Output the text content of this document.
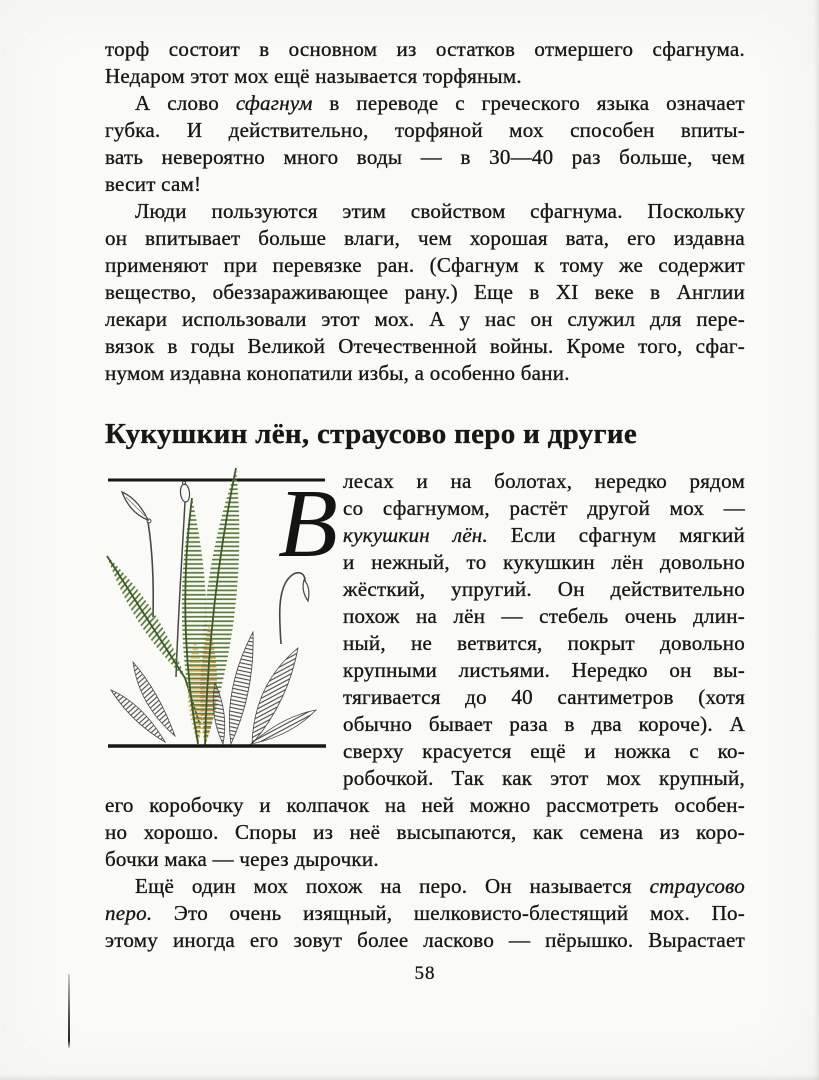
торф состоит в основном из остатков отмершего сфагнума.
Недаром этот мох ещё называется торфяным.
А слово сфагнум в переводе с греческого языка означает
губка. И действительно, торфяной мох способен впиты-
вать невероятно много воды — в 30—40 раз больше, чем
весит сам!
Люди пользуются этим свойством сфагнума. Поскольку
он впитывает больше влаги, чем хорошая вата, его издавна
применяют при перевязке ран. (Сфагнум к тому же содержит
вещество, обеззараживающее рану.) Еще в XI веке в Англии
лекари использовали этот мох. А у нас он служил для пере-
вязок в годы Великой Отечественной войны. Кроме того, сфаг-
нумом издавна конопатили избы, а особенно бани.
Кукушкин лён, страусово перо и другие
В лесах и на болотах, нередко рядом
со сфагнумом, растёт другой мох —
кукушкин лён. Если сфагнум мягкий
и нежный, то кукушкин лён довольно
жёсткий, упругий. Он действительно
похож на лён — стебель очень длин-
ный, не ветвится, покрыт довольно
крупными листьями. Нередко он вы-
тягивается до 40 сантиметров (хотя
обычно бывает раза в два короче). А
сверху красуется ещё и ножка с ко-
робочкой. Так как этот мох крупный,
его коробочку и колпачок на ней можно рассмотреть особен-
но хорошо. Споры из неё высыпаются, как семена из коро-
бочки мака — через дырочки.
Ещё один мох похож на перо. Он называется страусово
перо. Это очень изящный, шелковисто-блестящий мох. По-
этому иногда его зовут более ласково — пёрышко. Вырастает
58
